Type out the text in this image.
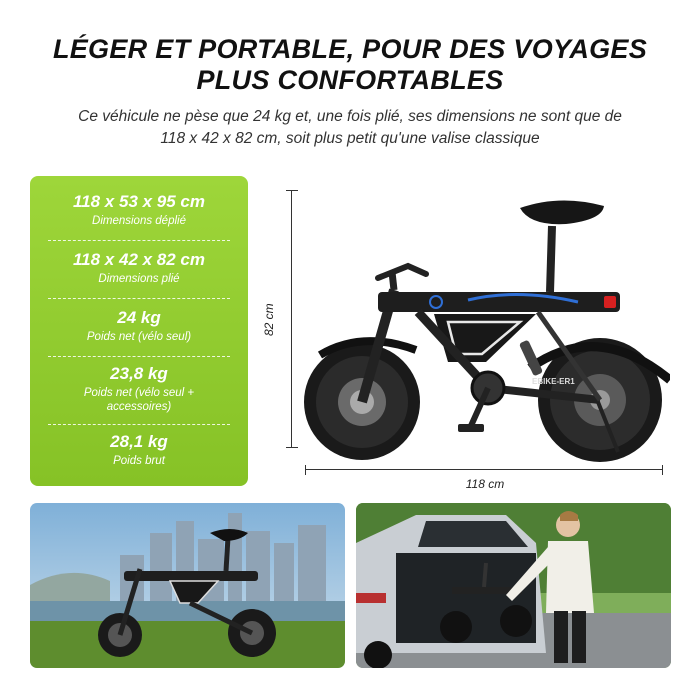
LÉGER ET PORTABLE, POUR DES VOYAGES
PLUS CONFORTABLES
Ce véhicule ne pèse que 24 kg et, une fois plié, ses dimensions ne sont que de
118 x 42 x 82 cm, soit plus petit qu'une valise classique
118 x 53 x 95 cm
Dimensions déplié
118 x 42 x 82 cm
Dimensions plié
24 kg
Poids net (vélo seul)
23,8 kg
Poids net (vélo seul +
accessoires)
28,1 kg
Poids brut
82 cm
118 cm
EBIKE-ER1
